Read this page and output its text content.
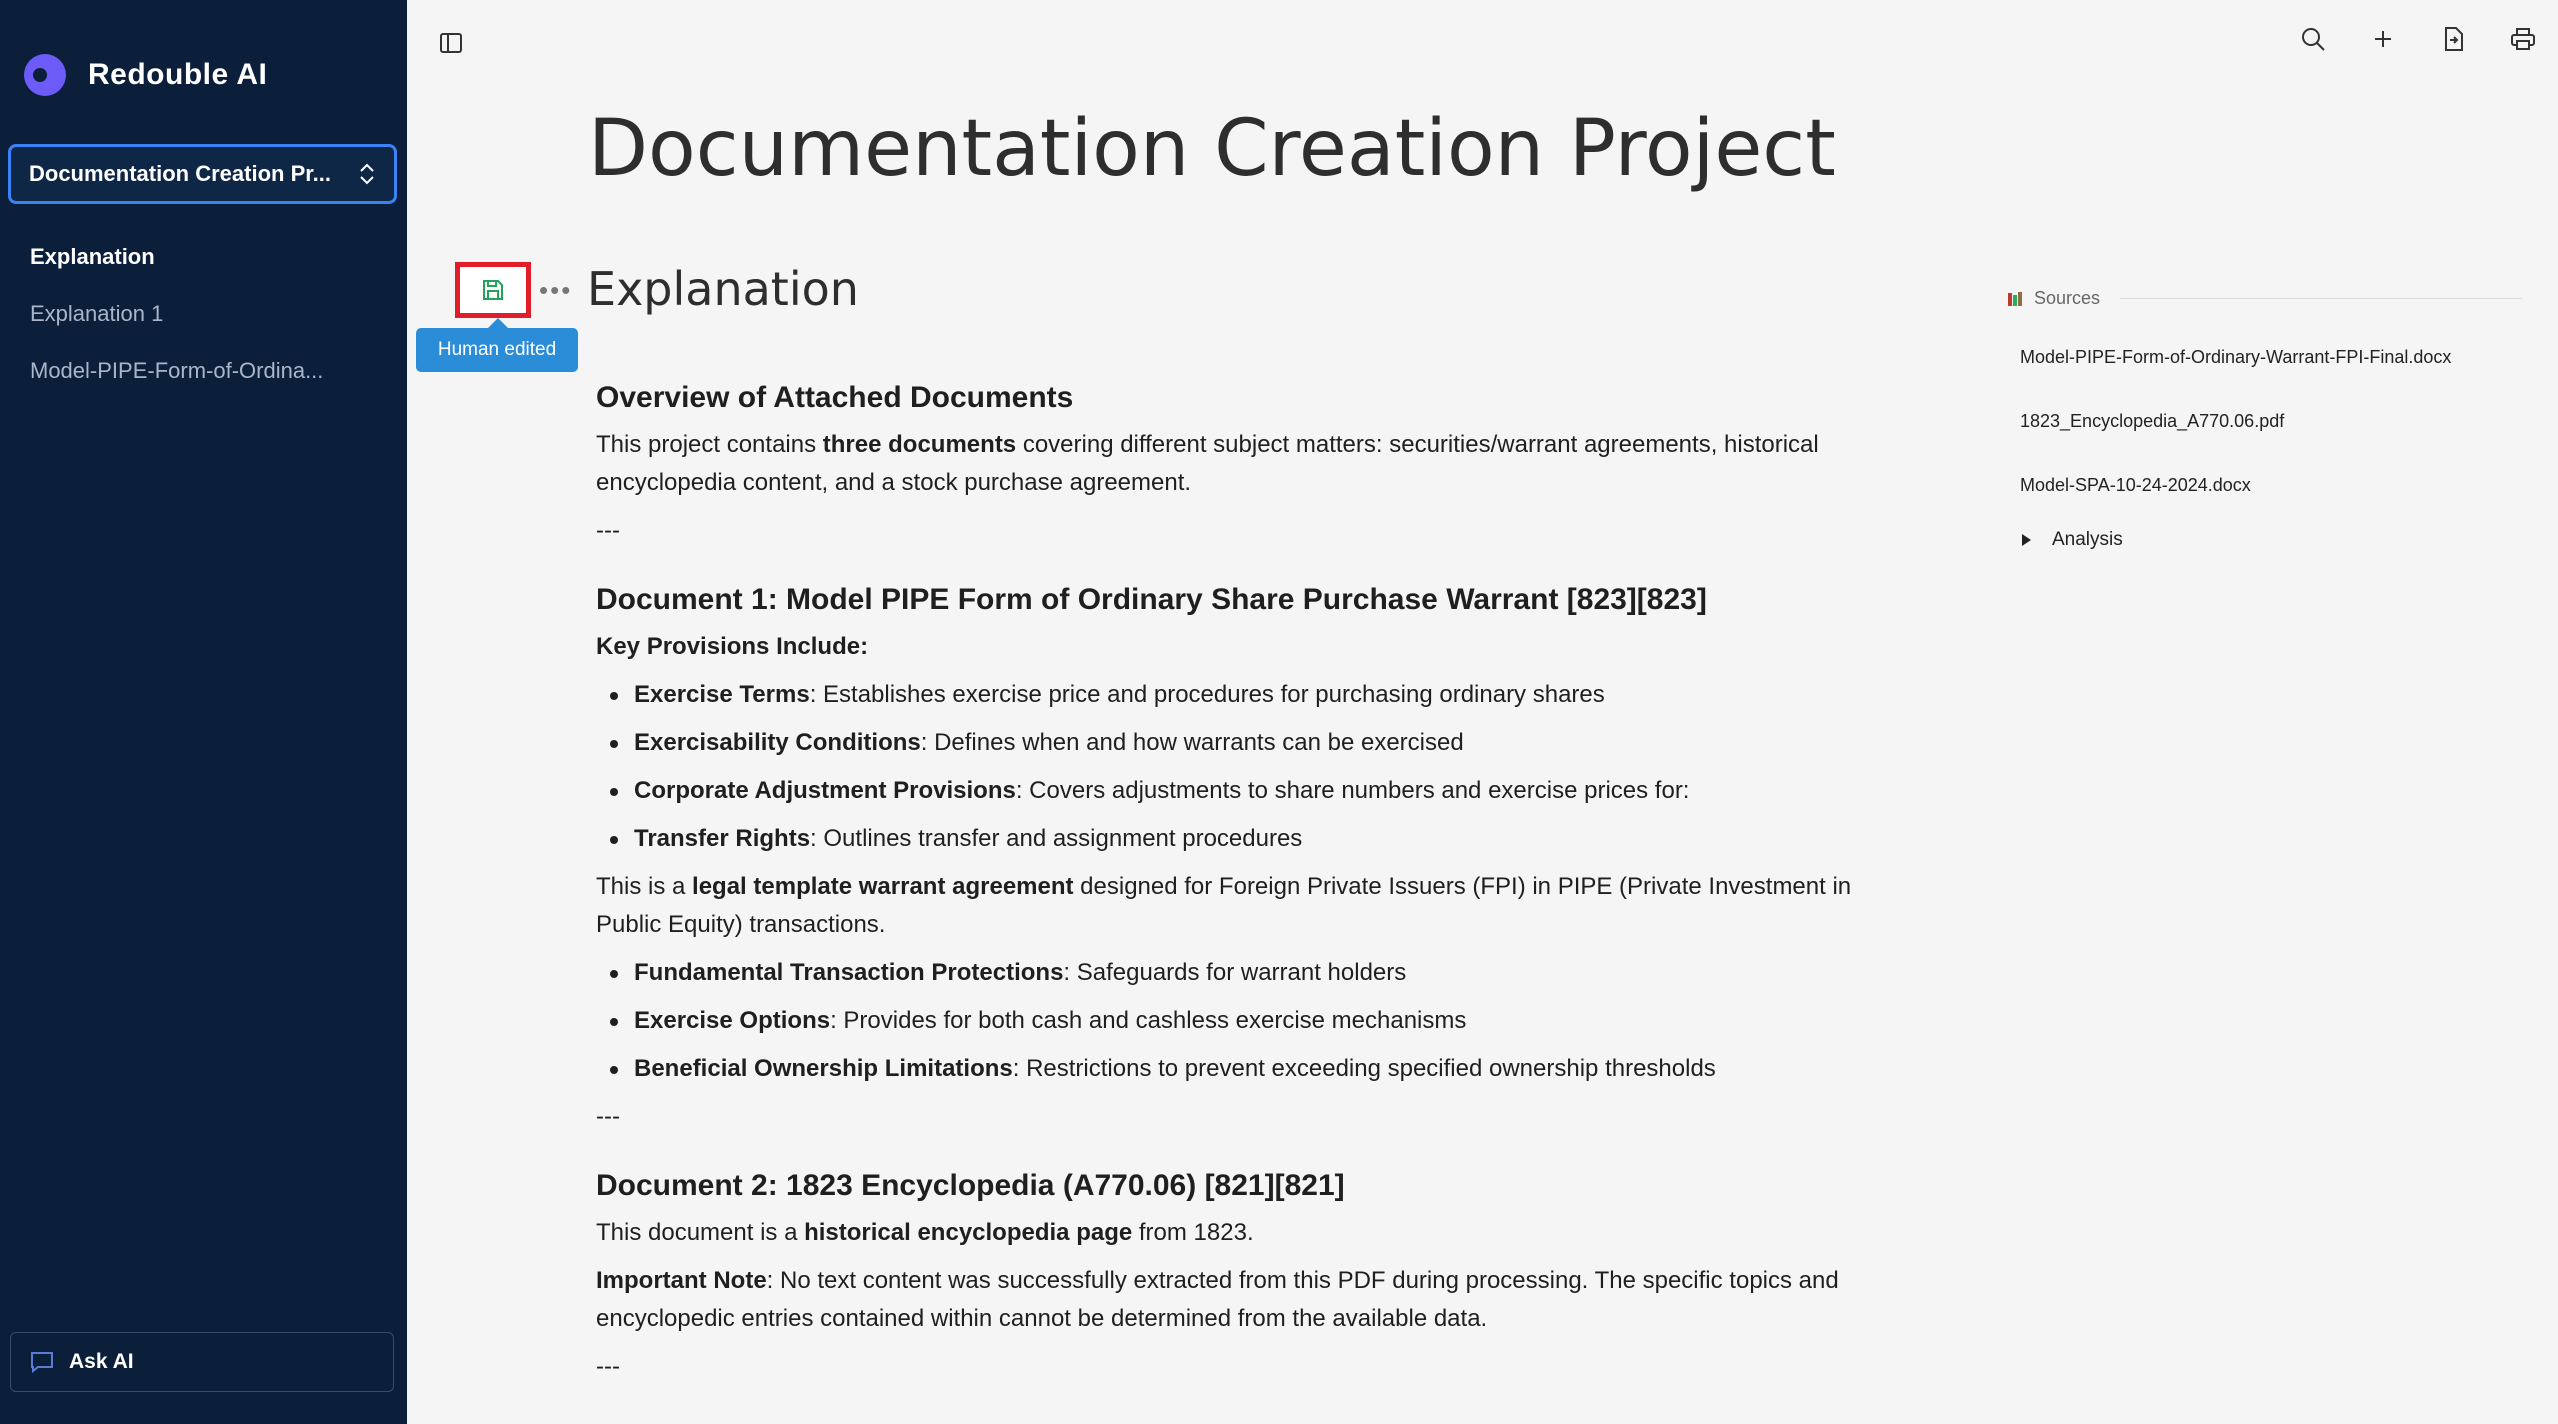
Redouble AI
Documentation Creation Pr...
Explanation
Explanation 1
Model-PIPE-Form-of-Ordina...
Ask AI
Documentation Creation Project
••• Explanation
Human edited
Overview of Attached Documents

This project contains three documents covering different subject matters: securities/warrant agreements, historical encyclopedia content, and a stock purchase agreement.

---

Document 1: Model PIPE Form of Ordinary Share Purchase Warrant [823][823]

Key Provisions Include:

Exercise Terms: Establishes exercise price and procedures for purchasing ordinary shares
Exercisability Conditions: Defines when and how warrants can be exercised
Corporate Adjustment Provisions: Covers adjustments to share numbers and exercise prices for:
Transfer Rights: Outlines transfer and assignment procedures

This is a legal template warrant agreement designed for Foreign Private Issuers (FPI) in PIPE (Private Investment in Public Equity) transactions.

Fundamental Transaction Protections: Safeguards for warrant holders
Exercise Options: Provides for both cash and cashless exercise mechanisms
Beneficial Ownership Limitations: Restrictions to prevent exceeding specified ownership thresholds

---

Document 2: 1823 Encyclopedia (A770.06) [821][821]

This document is a historical encyclopedia page from 1823.

Important Note: No text content was successfully extracted from this PDF during processing. The specific topics and encyclopedic entries contained within cannot be determined from the available data.

---

Sources
Model-PIPE-Form-of-Ordinary-Warrant-FPI-Final.docx
1823_Encyclopedia_A770.06.pdf
Model-SPA-10-24-2024.docx
Analysis
